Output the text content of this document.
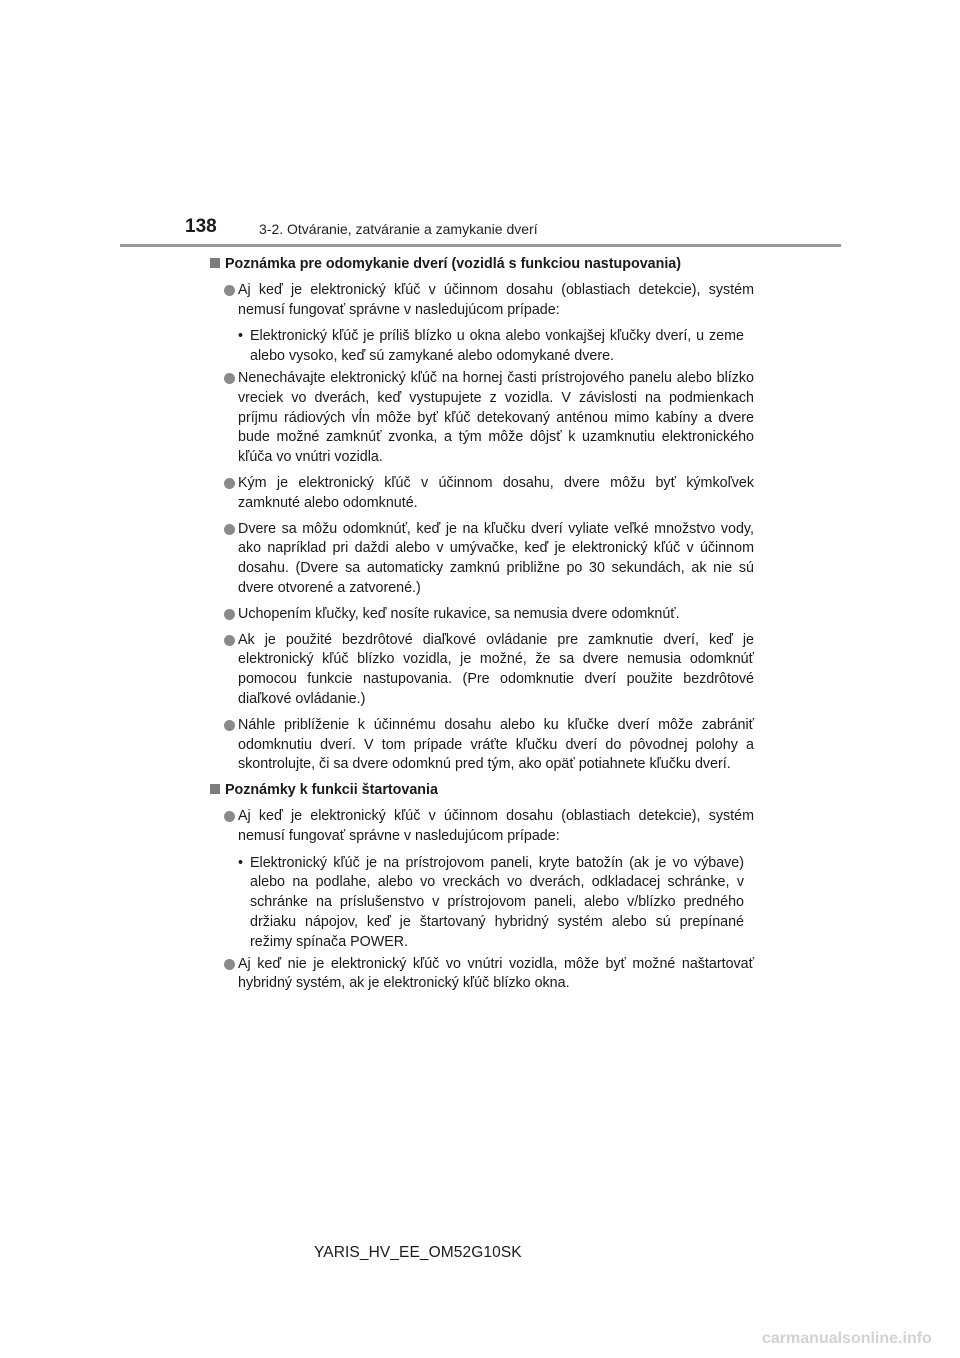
138	3-2. Otváranie, zatváranie a zamykanie dverí
Poznámka pre odomykanie dverí (vozidlá s funkciou nastupovania)
Aj keď je elektronický kľúč v účinnom dosahu (oblastiach detekcie), systém nemusí fungovať správne v nasledujúcom prípade:
• Elektronický kľúč je príliš blízko u okna alebo vonkajšej kľučky dverí, u zeme alebo vysoko, keď sú zamykané alebo odomykané dvere.
Nenechávajte elektronický kľúč na hornej časti prístrojového panelu alebo blízko vreciek vo dverách, keď vystupujete z vozidla. V závislosti na podmienkach príjmu rádiových vĺn môže byť kľúč detekovaný anténou mimo kabíny a dvere bude možné zamknúť zvonka, a tým môže dôjsť k uzamknutiu elektronického kľúča vo vnútri vozidla.
Kým je elektronický kľúč v účinnom dosahu, dvere môžu byť kýmkoľvek zamknuté alebo odomknuté.
Dvere sa môžu odomknúť, keď je na kľučku dverí vyliate veľké množstvo vody, ako napríklad pri daždi alebo v umývačke, keď je elektronický kľúč v účinnom dosahu. (Dvere sa automaticky zamknú približne po 30 sekundách, ak nie sú dvere otvorené a zatvorené.)
Uchopením kľučky, keď nosíte rukavice, sa nemusia dvere odomknúť.
Ak je použité bezdrôtové diaľkové ovládanie pre zamknutie dverí, keď je elektronický kľúč blízko vozidla, je možné, že sa dvere nemusia odomknúť pomocou funkcie nastupovania. (Pre odomknutie dverí použite bezdrôtové diaľkové ovládanie.)
Náhle priblíženie k účinnému dosahu alebo ku kľučke dverí môže zabrániť odomknutiu dverí. V tom prípade vráťte kľučku dverí do pôvodnej polohy a skontrolujte, či sa dvere odomknú pred tým, ako opäť potiahnete kľučku dverí.
Poznámky k funkcii štartovania
Aj keď je elektronický kľúč v účinnom dosahu (oblastiach detekcie), systém nemusí fungovať správne v nasledujúcom prípade:
• Elektronický kľúč je na prístrojovom paneli, kryte batožín (ak je vo výbave) alebo na podlahe, alebo vo vreckách vo dverách, odkladacej schránke, v schránke na príslušenstvo v prístrojovom paneli, alebo v/blízko predného držiaku nápojov, keď je štartovaný hybridný systém alebo sú prepínané režimy spínača POWER.
Aj keď nie je elektronický kľúč vo vnútri vozidla, môže byť možné naštartovať hybridný systém, ak je elektronický kľúč blízko okna.
YARIS_HV_EE_OM52G10SK
carmanualsonline.info
